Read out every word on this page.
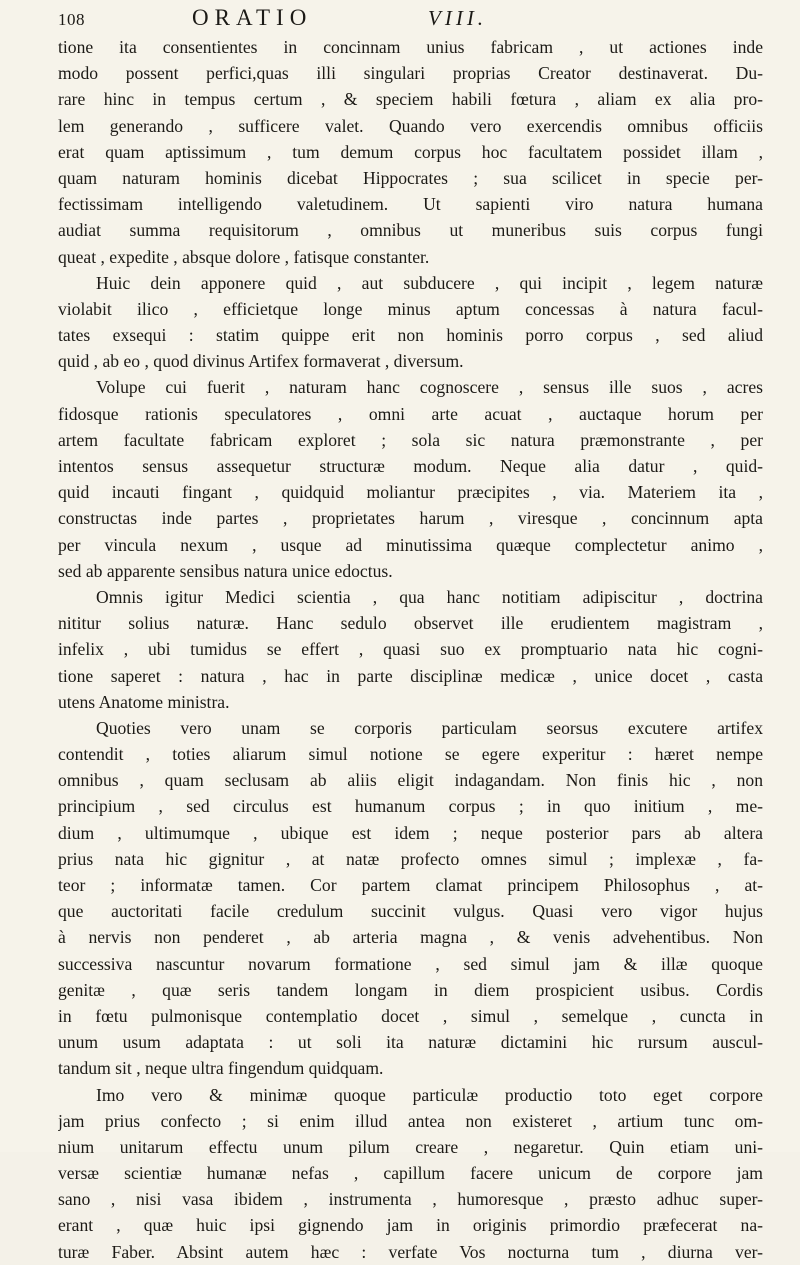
108	ORATIO	VIII.
tione ita consentientes in concinnam unius fabricam , ut actiones inde
modo possent perfici,quas illi singulari proprias Creator destinaverat. Du-
rare hinc in tempus certum , & speciem habili fœtura , aliam ex alia pro-
lem generando , sufficere valet. Quando vero exercendis omnibus officiis
erat quam aptissimum , tum demum corpus hoc facultatem possidet illam ,
quam naturam hominis dicebat Hippocrates ; sua scilicet in specie per-
fectissimam intelligendo valetudinem. Ut sapienti viro natura humana
audiat summa requisitorum , omnibus ut muneribus suis corpus fungi
queat , expedite , absque dolore , fatisque constanter.
Huic dein apponere quid , aut subducere , qui incipit , legem naturæ
violabit ilico , efficietque longe minus aptum concessas à natura facul-
tates exsequi : statim quippe erit non hominis porro corpus , sed aliud
quid , ab eo , quod divinus Artifex formaverat , diversum.
Volupe cui fuerit , naturam hanc cognoscere , sensus ille suos , acres
fidosque rationis speculatores , omni arte acuat , auctaque horum per
artem facultate fabricam exploret ; sola sic natura præmonstrante , per
intentos sensus assequetur structuræ modum. Neque alia datur , quid-
quid incauti fingant , quidquid moliantur præcipites , via. Materiem ita ,
constructas inde partes , proprietates harum , viresque , concinnum apta
per vincula nexum , usque ad minutissima quæque complectetur animo ,
sed ab apparente sensibus natura unice edoctus.
Omnis igitur Medici scientia , qua hanc notitiam adipiscitur , doctrina
nititur solius naturæ. Hanc sedulo observet ille erudientem magistram ,
infelix , ubi tumidus se effert , quasi suo ex promptuario nata hic cogni-
tione saperet : natura , hac in parte disciplinæ medicæ , unice docet , casta
utens Anatome ministra.
Quoties vero unam se corporis particulam seorsus excutere artifex
contendit , toties aliarum simul notione se egere experitur : hæret nempe
omnibus , quam seclusam ab aliis eligit indagandam. Non finis hic , non
principium , sed circulus est humanum corpus ; in quo initium , me-
dium , ultimumque , ubique est idem ; neque posterior pars ab altera
prius nata hic gignitur , at natæ profecto omnes simul ; implexæ , fa-
teor ; informatæ tamen. Cor partem clamat principem Philosophus , at-
que auctoritati facile credulum succinit vulgus. Quasi vero vigor hujus
à nervis non penderet , ab arteria magna , & venis advehentibus. Non
successiva nascuntur novarum formatione , sed simul jam & illæ quoque
genitæ , quæ seris tandem longam in diem prospicient usibus. Cordis
in fœtu pulmonisque contemplatio docet , simul , semelque , cuncta in
unum usum adaptata : ut soli ita naturæ dictamini hic rursum auscul-
tandum sit , neque ultra fingendum quidquam.
Imo vero & minimæ quoque particulæ productio toto eget corpore
jam prius confecto ; si enim illud antea non existeret , artium tunc om-
nium unitarum effectu unum pilum creare , negaretur. Quin etiam uni-
versæ scientiæ humanæ nefas , capillum facere unicum de corpore jam
sano , nisi vasa ibidem , instrumenta , humoresque , præsto adhuc super-
erant , quæ huic ipsi gignendo jam in originis primordio præfecerat na-
turæ Faber. Absint autem hæc : verfate Vos nocturna tum , diurna ver-
